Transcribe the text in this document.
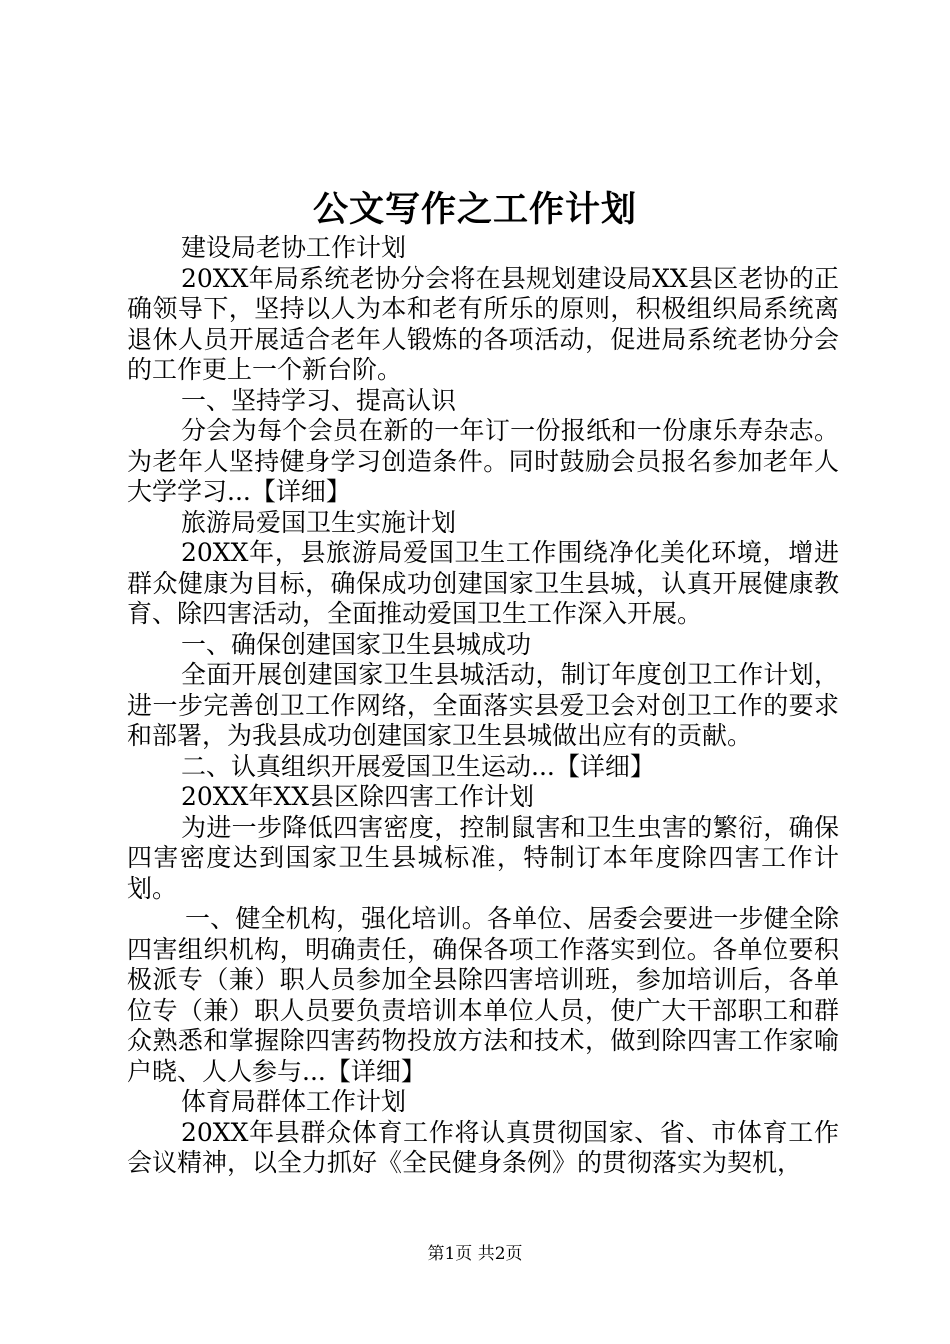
公文写作之工作计划

建设局老协工作计划

20XX年局系统老协分会将在县规划建设局XX县区老协的正确领导下，坚持以人为本和老有所乐的原则，积极组织局系统离退休人员开展适合老年人锻炼的各项活动，促进局系统老协分会的工作更上一个新台阶。

一、坚持学习、提高认识

分会为每个会员在新的一年订一份报纸和一份康乐寿杂志。为老年人坚持健身学习创造条件。同时鼓励会员报名参加老年人大学学习...【详细】

旅游局爱国卫生实施计划

20XX年，县旅游局爱国卫生工作围绕净化美化环境，增进群众健康为目标，确保成功创建国家卫生县城，认真开展健康教育、除四害活动，全面推动爱国卫生工作深入开展。

一、确保创建国家卫生县城成功

全面开展创建国家卫生县城活动，制订年度创卫工作计划，进一步完善创卫工作网络，全面落实县爱卫会对创卫工作的要求和部署，为我县成功创建国家卫生县城做出应有的贡献。

二、认真组织开展爱国卫生运动...【详细】

20XX年XX县区除四害工作计划

为进一步降低四害密度，控制鼠害和卫生虫害的繁衍，确保四害密度达到国家卫生县城标准，特制订本年度除四害工作计划。

一、健全机构，强化培训。各单位、居委会要进一步健全除四害组织机构，明确责任，确保各项工作落实到位。各单位要积极派专（兼）职人员参加全县除四害培训班，参加培训后，各单位专（兼）职人员要负责培训本单位人员，使广大干部职工和群众熟悉和掌握除四害药物投放方法和技术，做到除四害工作家喻户晓、人人参与...【详细】

体育局群体工作计划

20XX年县群众体育工作将认真贯彻国家、省、市体育工作会议精神，以全力抓好《全民健身条例》的贯彻落实为契机，

第1页 共2页
